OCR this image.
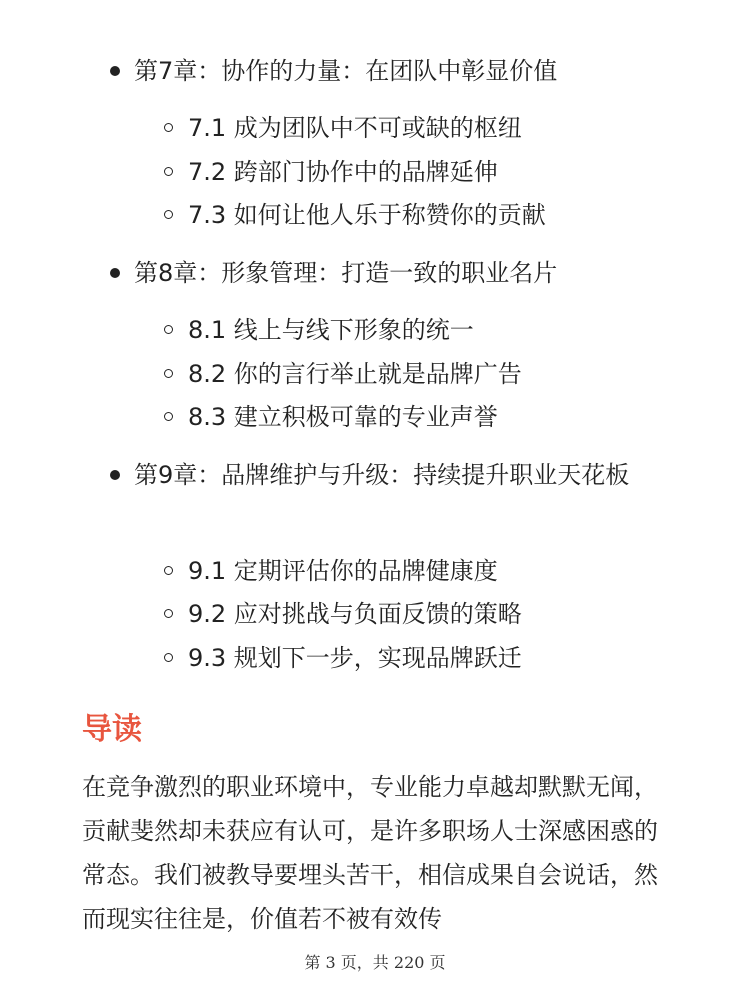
第7章：协作的力量：在团队中彰显价值
7.1 成为团队中不可或缺的枢纽
7.2 跨部门协作中的品牌延伸
7.3 如何让他人乐于称赞你的贡献
第8章：形象管理：打造一致的职业名片
8.1 线上与线下形象的统一
8.2 你的言行举止就是品牌广告
8.3 建立积极可靠的专业声誉
第9章：品牌维护与升级：持续提升职业天花板
9.1 定期评估你的品牌健康度
9.2 应对挑战与负面反馈的策略
9.3 规划下一步，实现品牌跃迁
导读
在竞争激烈的职业环境中，专业能力卓越却默默无闻，贡献斐然却未获应有认可，是许多职场人士深感困惑的常态。我们被教导要埋头苦干，相信成果自会说话，然而现实往往是，价值若不被有效传
第 3 页，共 220 页
